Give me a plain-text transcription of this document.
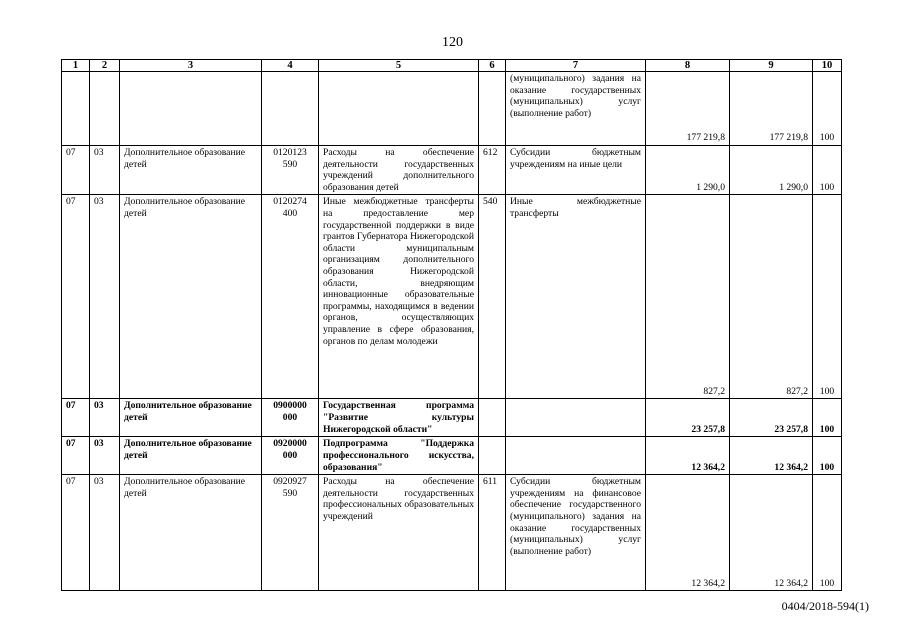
120
1	2	3	4	5	6	7	8	9	10
						(муниципального) задания на оказание государственных (муниципальных) услуг (выполнение работ)	177 219,8	177 219,8	100
07	03	Дополнительное образование детей	0120123 590	Расходы на обеспечение деятельности государственных учреждений дополнительного образования детей	612	Субсидии бюджетным учреждениям на иные цели	1 290,0	1 290,0	100
07	03	Дополнительное образование детей	0120274 400	Иные межбюджетные трансферты на предоставление мер государственной поддержки в виде грантов Губернатора Нижегородской области муниципальным организациям дополнительного образования Нижегородской области, внедряющим инновационные образовательные программы, находящимся в ведении органов, осуществляющих управление в сфере образования, органов по делам молодежи	540	Иные межбюджетные трансферты	827,2	827,2	100
07	03	Дополнительное образование детей	0900000 000	Государственная программа "Развитие культуры Нижегородской области"			23 257,8	23 257,8	100
07	03	Дополнительное образование детей	0920000 000	Подпрограмма "Поддержка профессионального искусства, образования"			12 364,2	12 364,2	100
07	03	Дополнительное образование детей	0920927 590	Расходы на обеспечение деятельности государственных профессиональных образовательных учреждений	611	Субсидии бюджетным учреждениям на финансовое обеспечение государственного (муниципального) задания на оказание государственных (муниципальных) услуг (выполнение работ)	12 364,2	12 364,2	100
0404/2018-594(1)
